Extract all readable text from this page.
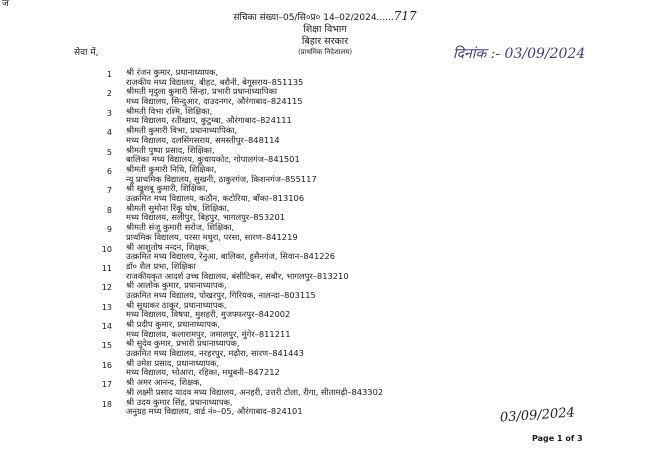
ज
संचिका संख्या–05/सि०प्र० 14–02/2024......717
शिक्षा विभाग
बिहार सरकार
(प्राथमिक निदेशालय)
सेवा में,	दिनांक :- 03/09/2024
1 श्री रंजन कुमार, प्रधानाध्यापक,
राजकीय मध्य विद्यालय, बीहट, बरौनी, बेगूसराय–851135
2 श्रीमती मृदुला कुमारी सिन्हा, प्रभारी प्रधानाध्यापिका
मध्य विद्यालय, सिन्दुआर, दाउदनगर, औरंगाबाद–824115
3 श्रीमती विभा रश्मि, शिक्षिका,
मध्य विद्यालय, रतीखाप, कुटुम्बा, औरंगाबाद–824111
4 श्रीमती कुमारी विभा, प्रधानाध्यापिका,
मध्य विद्यालय, दलसिंगसराय, समस्तीपुर–848114
5 श्रीमती पुष्पा प्रसाद, शिक्षिका,
बालिका मध्य विद्यालय, कुचायकोट, गोपालगंज–841501
6 श्रीमती कुमारी निधि, शिक्षिका,
न्यू प्राथमिक विद्यालय, सुखनी, ठाकुरगंज, किशनगंज–855117
7 श्री खुशबू कुमारी, शिक्षिका,
उत्क्रमित मध्य विद्यालय, कठौन, कटोरिया, बाँका–813106
8 श्रीमती सुमोना रिंकू घोष, शिक्षिका,
मध्य विद्यालय, सलीपुर, बिहपुर, भागलपुर–853201
9 श्रीमती संजू कुमारी सरोज, शिक्षिका,
प्राथमिक विद्यालय, परसा मधुरा, परसा, सारण–841219
10 श्री आशुतोष नन्दन, शिक्षक,
उत्क्रमित मध्य विद्यालय, रेनुआ, बालिका, हुसैनगंज, सिवान–841226
11 डॉ० शैल प्रभा, शिक्षिका
राजकीयकृत आदर्श उच्च विद्यालय, बंसीटिकर, सबौर, भागलपुर–813210
12 श्री आलोक कुमार, प्रधानाध्यापक,
उत्क्रमित मध्य विद्यालय, पोखरपुर, गिरियक, नालन्दा–803115
13 श्री सुधाकर ठाकुर, प्रधानाध्यापक,
मध्य विद्यालय, विषपा, मुशहरी, मुजफ्फरपुर–842002
14 श्री प्रदीप कुमार, प्रधानाध्यापक,
मध्य विद्यालय, कलारामपुर, जमालपुर, मुंगेर–811211
15 श्री सुदेव कुमार, प्रभारी प्रधानाध्यापक,
उत्क्रमित मध्य विद्यालय, नरहरपुर, मढ़ौरा, सारण–841443
16 श्री उमेश प्रसाद, प्रधानाध्यापक,
मध्य विद्यालय, भोआरा, रहिका, मधुबनी–847212
17 श्री अमर आनन्द, शिक्षक,
श्री लक्ष्मी प्रसाद यादव मध्य विद्यालय, अनहरी, उत्तरी टोला, रीगा, सीतामढ़ी–843302
18 श्री उदय कुमार सिंह, प्रधानाध्यापक,
अनुग्रह मध्य विद्यालय, वार्ड नं०–05, औरंगाबाद–824101	03/09/2024
Page 1 of 3
